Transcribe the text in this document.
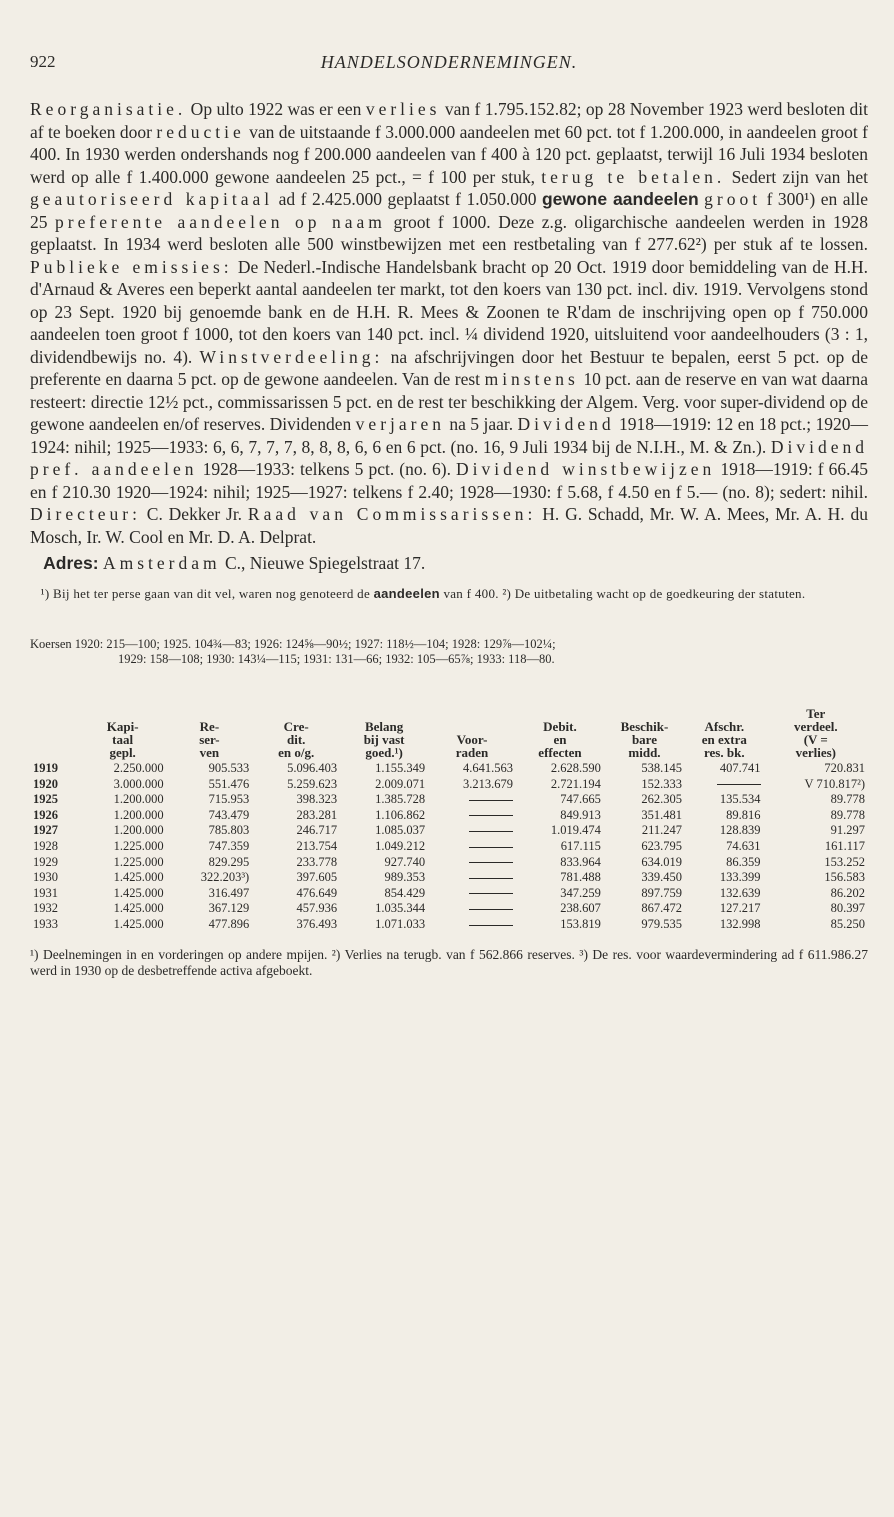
922	HANDELSONDERNEMINGEN.
Reorganisatie. Op ulto 1922 was er een verlies van f 1.795.152.82; op 28 November 1923 werd besloten dit af te boeken door reductie van de uitstaande f 3.000.000 aandeelen met 60 pct. tot f 1.200.000, in aandeelen groot f 400. In 1930 werden ondershands nog f 200.000 aandeelen van f 400 à 120 pct. geplaatst, terwijl 16 Juli 1934 besloten werd op alle f 1.400.000 gewone aandeelen 25 pct., = f 100 per stuk, terug te betalen. Sedert zijn van het geautoriseerd kapitaal ad f 2.425.000 geplaatst f 1.050.000 gewone aandeelen groot f 300¹) en alle 25 preferente aandeelen op naam groot f 1000. Deze z.g. oligarchische aandeelen werden in 1928 geplaatst. In 1934 werd besloten alle 500 winstbewijzen met een restbetaling van f 277.62²) per stuk af te lossen. Publieke emissies: De Nederl.-Indische Handelsbank bracht op 20 Oct. 1919 door bemiddeling van de H.H. d'Arnaud & Averes een beperkt aantal aandeelen ter markt, tot den koers van 130 pct. incl. div. 1919. Vervolgens stond op 23 Sept. 1920 bij genoemde bank en de H.H. R. Mees & Zoonen te R'dam de inschrijving open op f 750.000 aandeelen toen groot f 1000, tot den koers van 140 pct. incl. ¼ dividend 1920, uitsluitend voor aandeelhouders (3 : 1, dividendbewijs no. 4). Winstverdeeling: na afschrijvingen door het Bestuur te bepalen, eerst 5 pct. op de preferente en daarna 5 pct. op de gewone aandeelen. Van de rest minstens 10 pct. aan de reserve en van wat daarna resteert: directie 12½ pct., commissarissen 5 pct. en de rest ter beschikking der Algem. Verg. voor super-dividend op de gewone aandeelen en/of reserves. Dividenden verjaren na 5 jaar. Dividend 1918—1919: 12 en 18 pct.; 1920—1924: nihil; 1925—1933: 6, 6, 7, 7, 7, 8, 8, 8, 6, 6 en 6 pct. (no. 16, 9 Juli 1934 bij de N.I.H., M. & Zn.). Dividend pref. aandeelen 1928—1933: telkens 5 pct. (no. 6). Dividend winstbewijzen 1918—1919: f 66.45 en f 210.30 1920—1924: nihil; 1925—1927: telkens f 2.40; 1928—1930: f 5.68, f 4.50 en f 5.— (no. 8); sedert: nihil. Directeur: C. Dekker Jr. Raad van Commissarissen: H. G. Schadd, Mr. W. A. Mees, Mr. A. H. du Mosch, Ir. W. Cool en Mr. D. A. Delprat.
Adres: Amsterdam C., Nieuwe Spiegelstraat 17.
¹) Bij het ter perse gaan van dit vel, waren nog genoteerd de aandeelen van f 400. ²) De uitbetaling wacht op de goedkeuring der statuten.
Koersen 1920: 215—100; 1925. 104¾—83; 1926: 124⅝—90½; 1927: 118½—104; 1928: 129⅞—102¼;
1929: 158—108; 1930: 143¼—115; 1931: 131—66; 1932: 105—65⅞; 1933: 118—80.
	Kapi-
taal
gepl.	Re-
ser-
ven	Cre-
dit.
en o/g.	Belang
bij vast
goed.¹)	Voor-
raden	Debit.
en
effecten	Beschik-
bare
midd.	Afschr.
en extra
res. bk.	Ter
verdeel.
(V =
verlies)
1919	2.250.000	905.533	5.096.403	1.155.349	4.641.563	2.628.590	538.145	407.741	720.831
1920	3.000.000	551.476	5.259.623	2.009.071	3.213.679	2.721.194	152.333		V 710.817²)
1925	1.200.000	715.953	398.323	1.385.728		747.665	262.305	135.534	89.778
1926	1.200.000	743.479	283.281	1.106.862		849.913	351.481	89.816	89.778
1927	1.200.000	785.803	246.717	1.085.037		1.019.474	211.247	128.839	91.297
1928	1.225.000	747.359	213.754	1.049.212		617.115	623.795	74.631	161.117
1929	1.225.000	829.295	233.778	927.740		833.964	634.019	86.359	153.252
1930	1.425.000	322.203³)	397.605	989.353		781.488	339.450	133.399	156.583
1931	1.425.000	316.497	476.649	854.429		347.259	897.759	132.639	86.202
1932	1.425.000	367.129	457.936	1.035.344		238.607	867.472	127.217	80.397
1933	1.425.000	477.896	376.493	1.071.033		153.819	979.535	132.998	85.250
¹) Deelnemingen in en vorderingen op andere mpijen. ²) Verlies na terugb. van f 562.866 reserves. ³) De res. voor waardevermindering ad f 611.986.27 werd in 1930 op de desbetreffende activa afgeboekt.
